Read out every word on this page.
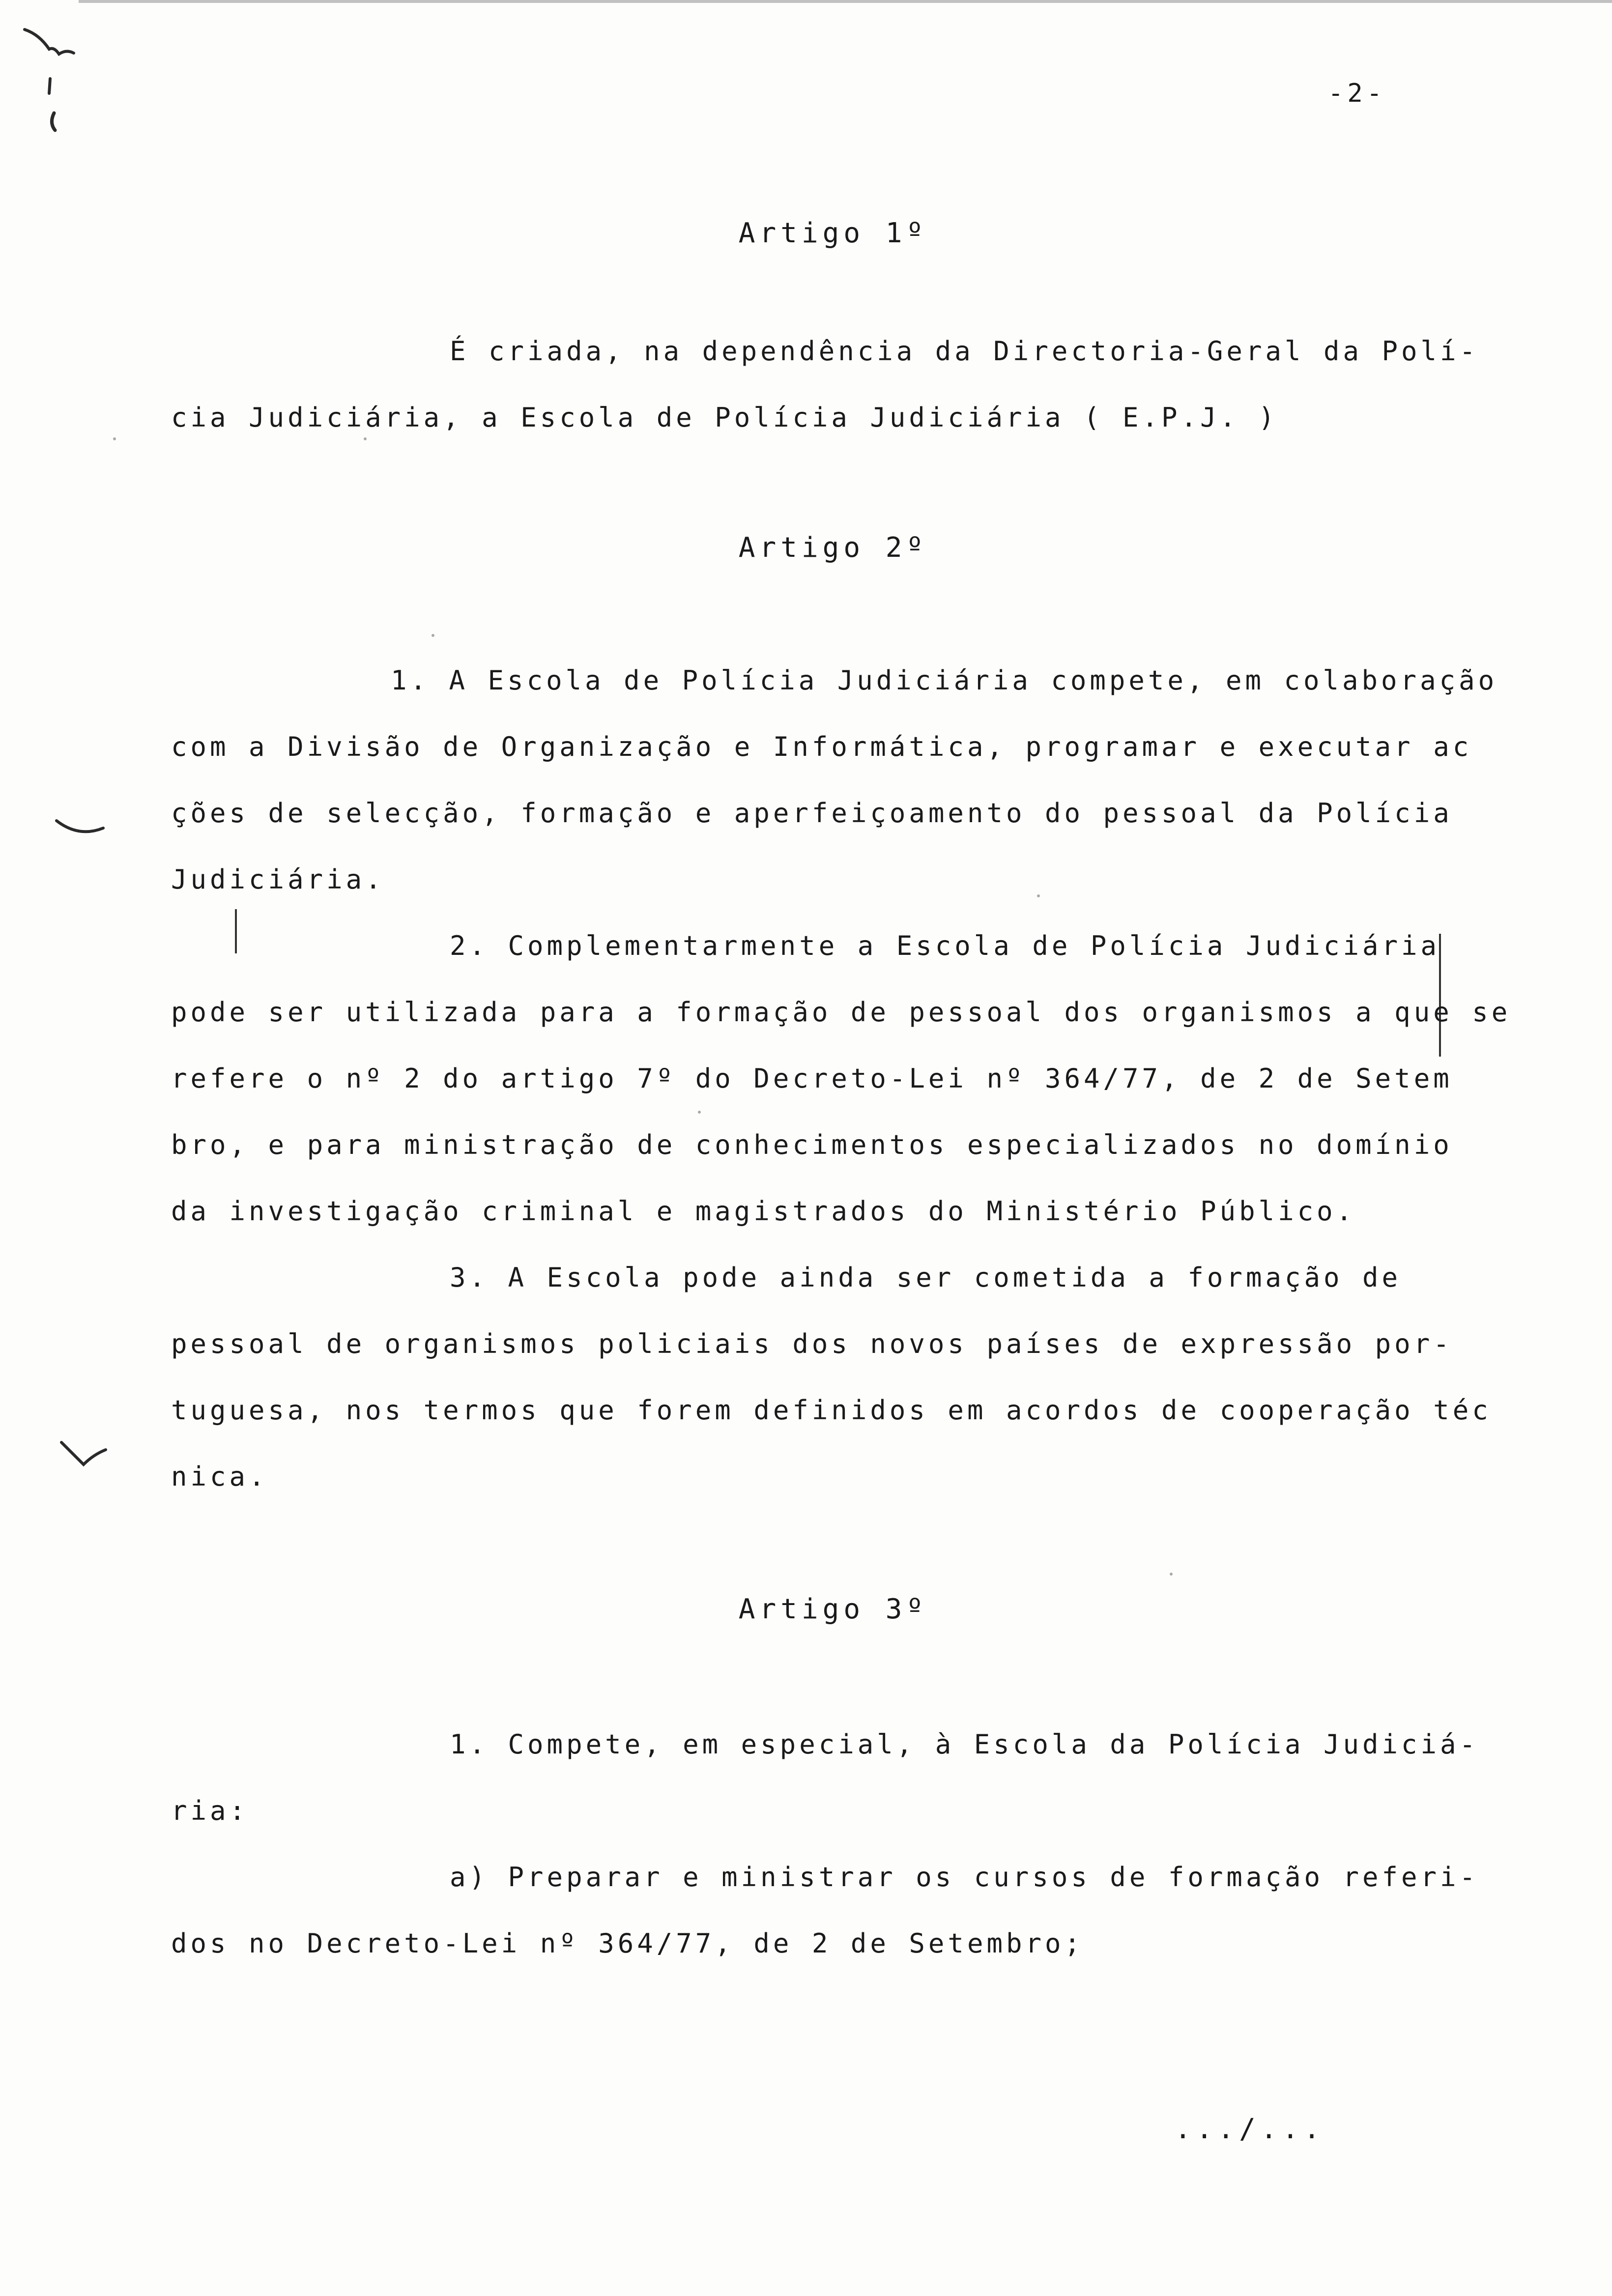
-2-
Artigo 1º
É criada, na dependência da Directoria-Geral da Polí-
cia Judiciária, a Escola de Polícia Judiciária ( E.P.J. )
Artigo 2º
1. A Escola de Polícia Judiciária compete, em colaboração
com a Divisão de Organização e Informática, programar e executar ac
ções de selecção, formação e aperfeiçoamento do pessoal da Polícia
Judiciária.
2. Complementarmente a Escola de Polícia Judiciária
pode ser utilizada para a formação de pessoal dos organismos a que se
refere o nº 2 do artigo 7º do Decreto-Lei nº 364/77, de 2 de Setem
bro, e para ministração de conhecimentos especializados no domínio
da investigação criminal e magistrados do Ministério Público.
3. A Escola pode ainda ser cometida a formação de
pessoal de organismos policiais dos novos países de expressão por-
tuguesa, nos termos que forem definidos em acordos de cooperação téc
nica.
Artigo 3º
1. Compete, em especial, à Escola da Polícia Judiciá-
ria:
a) Preparar e ministrar os cursos de formação referi-
dos no Decreto-Lei nº 364/77, de 2 de Setembro;
.../...
